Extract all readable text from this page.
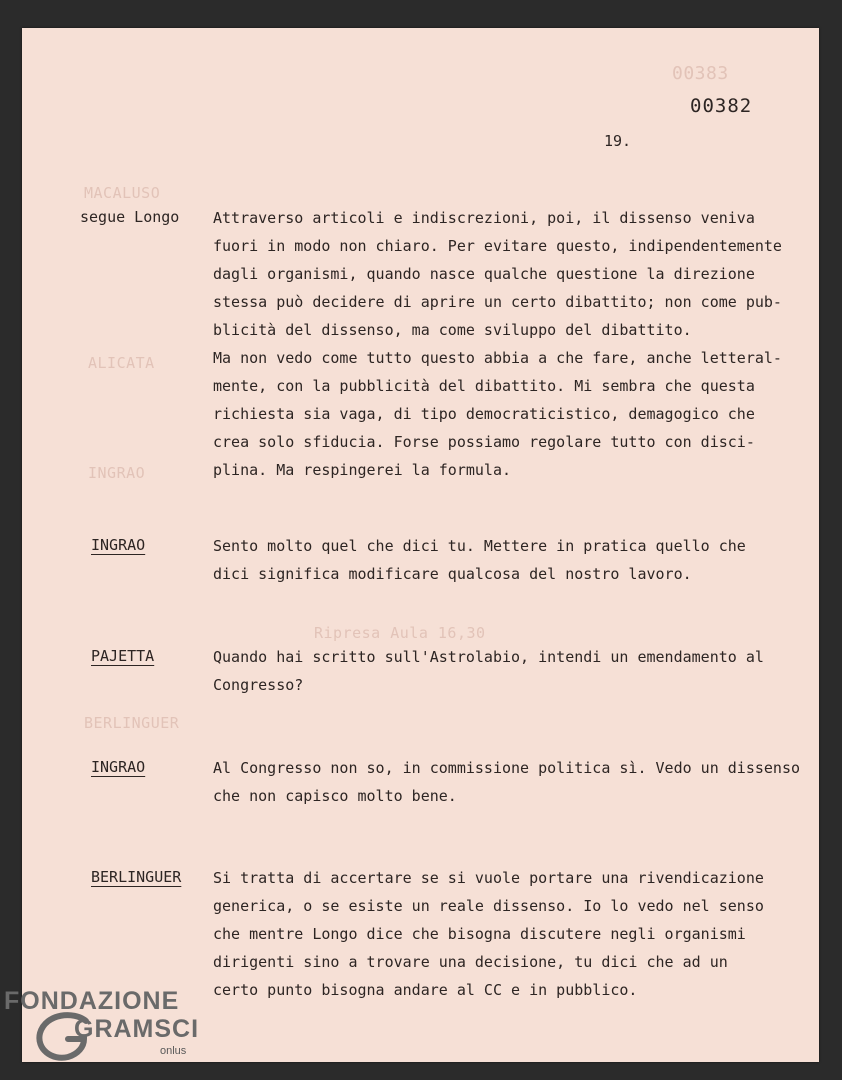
00383
MACALUSO
ALICATA
INGRAO
Ripresa Aula 16,30
BERLINGUER
00382
19.
segue Longo Attraverso articoli e indiscrezioni, poi, il dissenso veniva
fuori in modo non chiaro. Per evitare questo, indipendentemente
dagli organismi, quando nasce qualche questione la direzione
stessa può decidere di aprire un certo dibattito; non come pub-
blicità del dissenso, ma come sviluppo del dibattito.
Ma non vedo come tutto questo abbia a che fare, anche letteral-
mente, con la pubblicità del dibattito. Mi sembra che questa
richiesta sia vaga, di tipo democraticistico, demagogico che
crea solo sfiducia. Forse possiamo regolare tutto con disci-
plina. Ma respingerei la formula.
INGRAO	Sento molto quel che dici tu. Mettere in pratica quello che
dici significa modificare qualcosa del nostro lavoro.
PAJETTA	Quando hai scritto sull'Astrolabio, intendi un emendamento al
Congresso?
INGRAO	Al Congresso non so, in commissione politica sì. Vedo un dissenso
che non capisco molto bene.
BERLINGUER Si tratta di accertare se si vuole portare una rivendicazione
generica, o se esiste un reale dissenso. Io lo vedo nel senso
che mentre Longo dice che bisogna discutere negli organismi
dirigenti sino a trovare una decisione, tu dici che ad un
certo punto bisogna andare al CC e in pubblico.
FONDAZIONE
GRAMSCI
onlus
